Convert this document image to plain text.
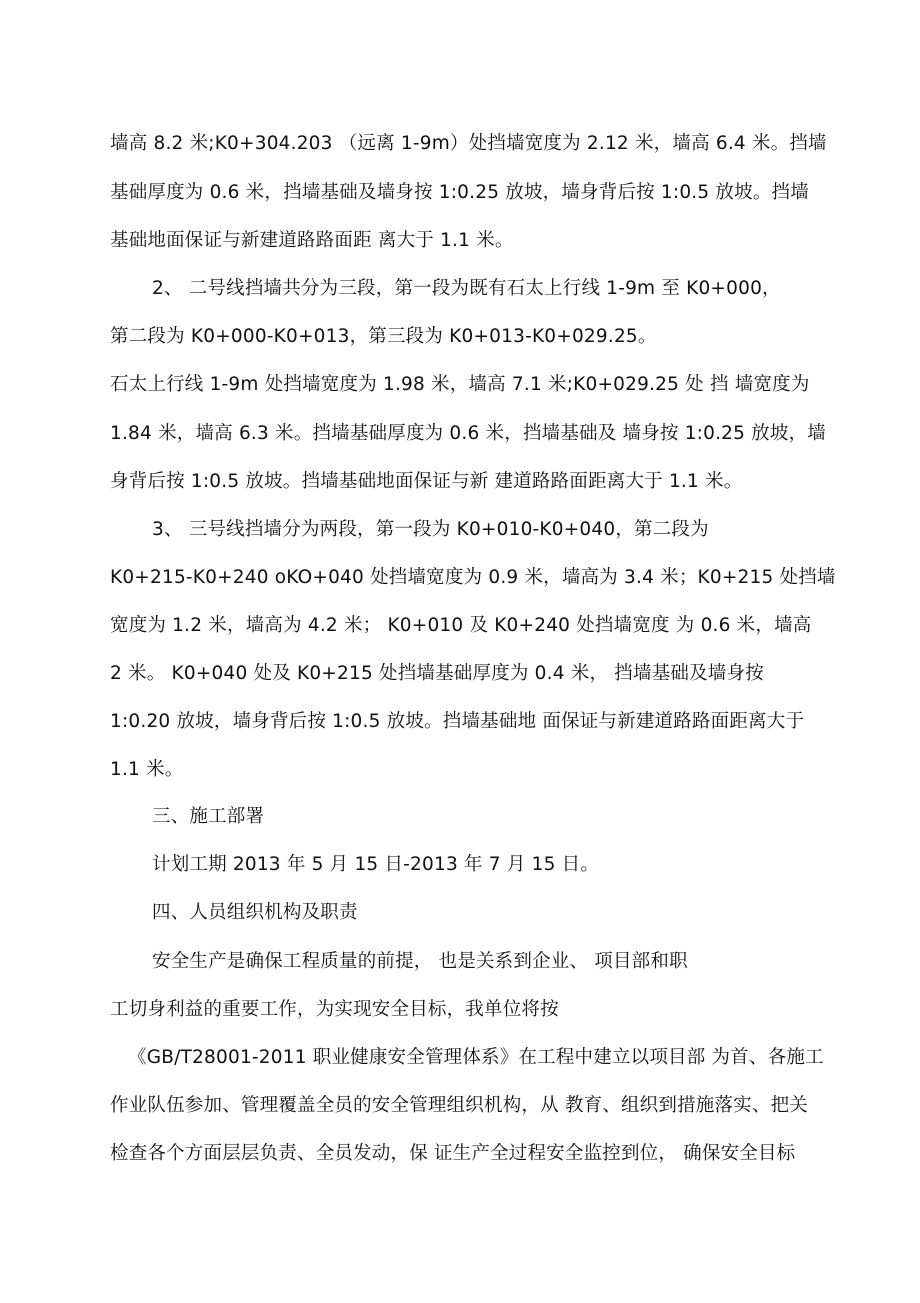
墙高 8.2 米;K0+304.203 （远离 1-9m）处挡墙宽度为 2.12 米，墙高 6.4 米。挡墙
基础厚度为 0.6 米，挡墙基础及墙身按 1:0.25 放坡，墙身背后按 1:0.5 放坡。挡墙
基础地面保证与新建道路路面距 离大于 1.1 米。
2、 二号线挡墙共分为三段，第一段为既有石太上行线 1-9m 至 K0+000，
第二段为 K0+000-K0+013，第三段为 K0+013-K0+029.25。
石太上行线 1-9m 处挡墙宽度为 1.98 米，墙高 7.1 米;K0+029.25 处 挡 墙宽度为
1.84 米，墙高 6.3 米。挡墙基础厚度为 0.6 米，挡墙基础及 墙身按 1:0.25 放坡，墙
身背后按 1:0.5 放坡。挡墙基础地面保证与新 建道路路面距离大于 1.1 米。
3、 三号线挡墙分为两段，第一段为 K0+010-K0+040，第二段为
K0+215-K0+240 oKO+040 处挡墙宽度为 0.9 米，墙高为 3.4 米；K0+215 处挡墙
宽度为 1.2 米，墙高为 4.2 米； K0+010 及 K0+240 处挡墙宽度 为 0.6 米，墙高
2 米。 K0+040 处及 K0+215 处挡墙基础厚度为 0.4 米， 挡墙基础及墙身按
1:0.20 放坡，墙身背后按 1:0.5 放坡。挡墙基础地 面保证与新建道路路面距离大于
1.1 米。
三、施工部署
计划工期 2013 年 5 月 15 日-2013 年 7 月 15 日。
四、人员组织机构及职责
安全生产是确保工程质量的前提， 也是关系到企业、 项目部和职
工切身利益的重要工作，为实现安全目标，我单位将按
《GB/T28001-2011 职业健康安全管理体系》在工程中建立以项目部 为首、各施工
作业队伍参加、管理覆盖全员的安全管理组织机构，从 教育、组织到措施落实、把关
检查各个方面层层负责、全员发动，保 证生产全过程安全监控到位， 确保安全目标
